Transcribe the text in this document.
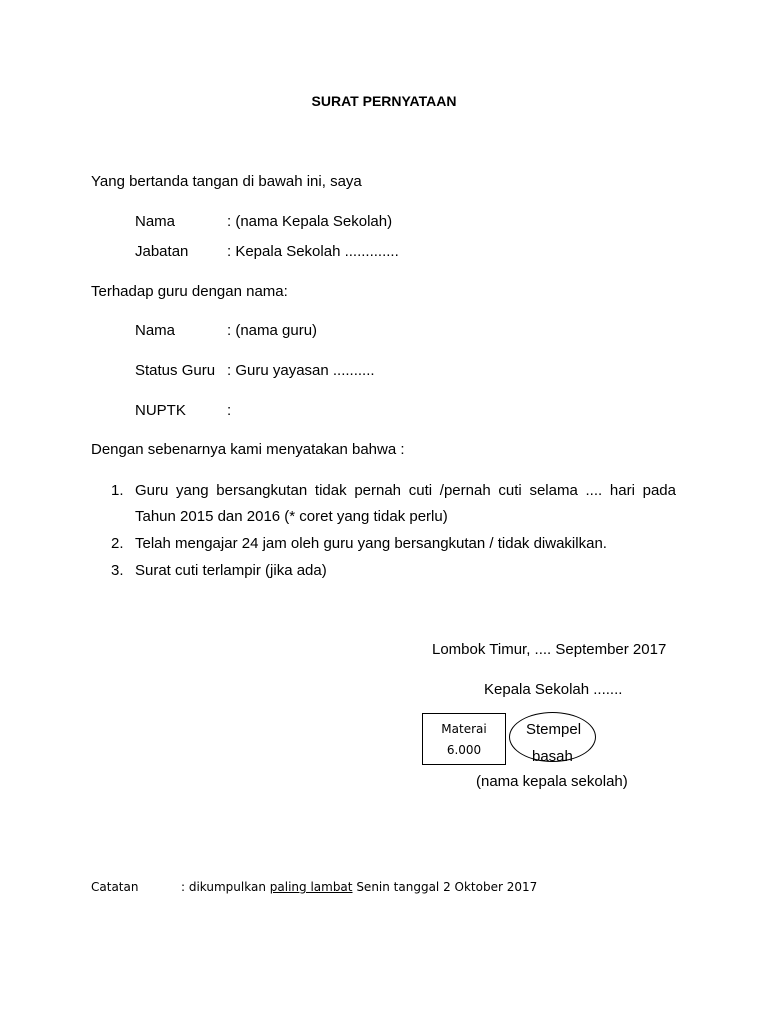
SURAT PERNYATAAN
Yang bertanda tangan di bawah ini, saya
Nama	: (nama Kepala Sekolah)
Jabatan	: Kepala Sekolah .............
Terhadap guru dengan nama:
Nama	: (nama guru)
Status Guru : Guru yayasan ..........
NUPTK	:
Dengan sebenarnya kami menyatakan bahwa :
1. Guru yang bersangkutan tidak pernah cuti /pernah cuti selama .... hari pada
Tahun 2015 dan 2016 (* coret yang tidak perlu)
2. Telah mengajar 24 jam oleh guru yang bersangkutan / tidak diwakilkan.
3. Surat cuti terlampir (jika ada)
Lombok Timur, .... September 2017
Kepala Sekolah .......
Materai
6.000
Stempel
basah
(nama kepala sekolah)
Catatan	: dikumpulkan paling lambat Senin tanggal 2 Oktober 2017
